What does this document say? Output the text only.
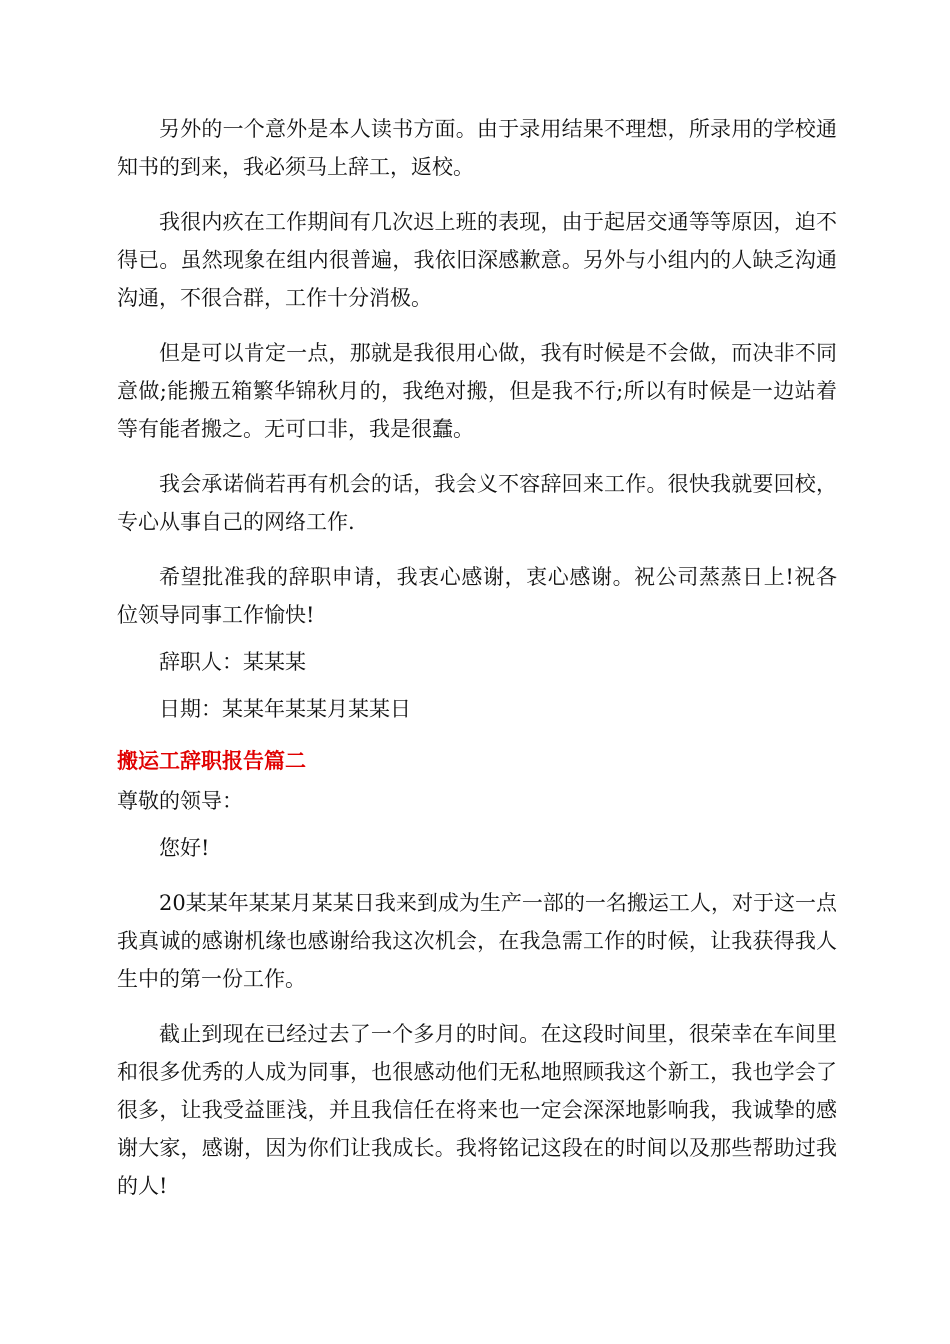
另外的一个意外是本人读书方面。由于录用结果不理想，所录用的学校通知书的到来，我必须马上辞工，返校。

我很内疚在工作期间有几次迟上班的表现，由于起居交通等等原因，迫不得已。虽然现象在组内很普遍，我依旧深感歉意。另外与小组内的人缺乏沟通沟通，不很合群，工作十分消极。

但是可以肯定一点，那就是我很用心做，我有时候是不会做，而决非不同意做;能搬五箱繁华锦秋月的，我绝对搬，但是我不行;所以有时候是一边站着等有能者搬之。无可口非，我是很蠢。

我会承诺倘若再有机会的话，我会义不容辞回来工作。很快我就要回校，专心从事自己的网络工作.

希望批准我的辞职申请，我衷心感谢，衷心感谢。祝公司蒸蒸日上!祝各位领导同事工作愉快!

辞职人：某某某

日期：某某年某某月某某日

搬运工辞职报告篇二

尊敬的领导：

您好!

20某某年某某月某某日我来到成为生产一部的一名搬运工人，对于这一点我真诚的感谢机缘也感谢给我这次机会，在我急需工作的时候，让我获得我人生中的第一份工作。

截止到现在已经过去了一个多月的时间。在这段时间里，很荣幸在车间里和很多优秀的人成为同事，也很感动他们无私地照顾我这个新工，我也学会了很多，让我受益匪浅，并且我信任在将来也一定会深深地影响我，我诚挚的感谢大家，感谢，因为你们让我成长。我将铭记这段在的时间以及那些帮助过我的人!
